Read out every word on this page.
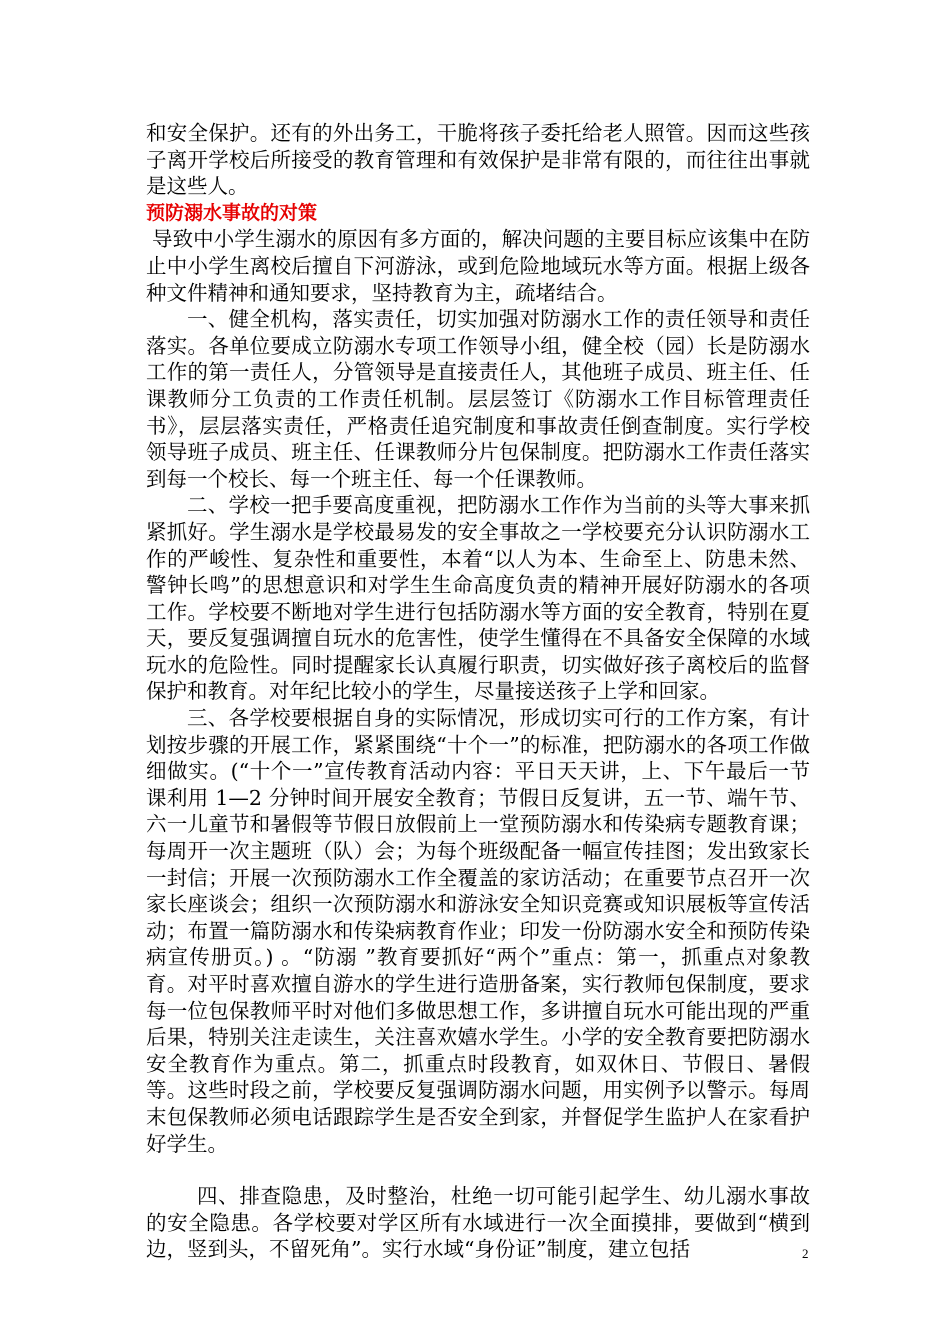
和安全保护。还有的外出务工，干脆将孩子委托给老人照管。因而这些孩子离开学校后所接受的教育管理和有效保护是非常有限的，而往往出事就是这些人。

预防溺水事故的对策

导致中小学生溺水的原因有多方面的，解决问题的主要目标应该集中在防止中小学生离校后擅自下河游泳，或到危险地域玩水等方面。根据上级各种文件精神和通知要求，坚持教育为主，疏堵结合。

一、健全机构，落实责任，切实加强对防溺水工作的责任领导和责任落实。各单位要成立防溺水专项工作领导小组，健全校（园）长是防溺水工作的第一责任人，分管领导是直接责任人，其他班子成员、班主任、任课教师分工负责的工作责任机制。层层签订《防溺水工作目标管理责任书》，层层落实责任，严格责任追究制度和事故责任倒查制度。实行学校领导班子成员、班主任、任课教师分片包保制度。把防溺水工作责任落实到每一个校长、每一个班主任、每一个任课教师。

二、学校一把手要高度重视，把防溺水工作作为当前的头等大事来抓紧抓好。学生溺水是学校最易发的安全事故之一学校要充分认识防溺水工作的严峻性、复杂性和重要性，本着“以人为本、生命至上、防患未然、警钟长鸣”的思想意识和对学生生命高度负责的精神开展好防溺水的各项工作。学校要不断地对学生进行包括防溺水等方面的安全教育，特别在夏天，要反复强调擅自玩水的危害性，使学生懂得在不具备安全保障的水域玩水的危险性。同时提醒家长认真履行职责，切实做好孩子离校后的监督保护和教育。对年纪比较小的学生，尽量接送孩子上学和回家。

三、各学校要根据自身的实际情况，形成切实可行的工作方案，有计划按步骤的开展工作，紧紧围绕“十个一”的标准，把防溺水的各项工作做细做实。(“十个一”宣传教育活动内容：平日天天讲，上、下午最后一节课利用 1—2 分钟时间开展安全教育；节假日反复讲，五一节、端午节、六一儿童节和暑假等节假日放假前上一堂预防溺水和传染病专题教育课；每周开一次主题班（队）会；为每个班级配备一幅宣传挂图；发出致家长一封信；开展一次预防溺水工作全覆盖的家访活动；在重要节点召开一次家长座谈会；组织一次预防溺水和游泳安全知识竞赛或知识展板等宣传活动；布置一篇防溺水和传染病教育作业；印发一份防溺水安全和预防传染病宣传册页。) 。“防溺 ”教育要抓好“两个”重点：第一，抓重点对象教育。对平时喜欢擅自游水的学生进行造册备案，实行教师包保制度，要求每一位包保教师平时对他们多做思想工作，多讲擅自玩水可能出现的严重后果，特别关注走读生，关注喜欢嬉水学生。小学的安全教育要把防溺水安全教育作为重点。第二，抓重点时段教育，如双休日、节假日、暑假等。这些时段之前，学校要反复强调防溺水问题，用实例予以警示。每周末包保教师必须电话跟踪学生是否安全到家，并督促学生监护人在家看护好学生。

四、排查隐患，及时整治，杜绝一切可能引起学生、幼儿溺水事故的安全隐患。各学校要对学区所有水域进行一次全面摸排，要做到“横到边，竖到头，不留死角”。实行水域“身份证”制度，建立包括	2
